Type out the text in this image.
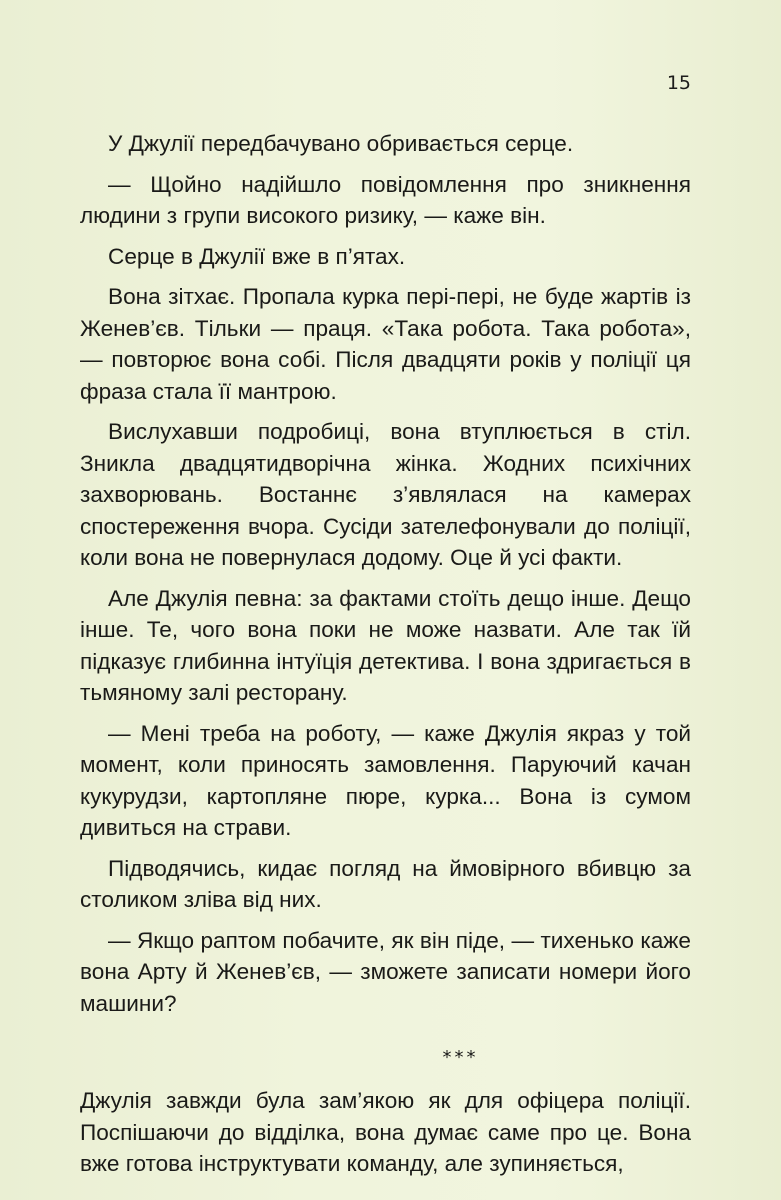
15

У Джулії передбачувано обривається серце.

— Щойно надійшло повідомлення про зникнення людини з групи високого ризику, — каже він.

Серце в Джулії вже в п’ятах.

Вона зітхає. Пропала курка пері-пері, не буде жартів із Женев’єв. Тільки — праця. «Така робота. Така робота», — повторює вона собі. Після двадцяти років у поліції ця фраза стала її мантрою.

Вислухавши подробиці, вона втуплюється в стіл. Зникла двадцятидворічна жінка. Жодних психічних захворювань. Востаннє з’являлася на камерах спостереження вчора. Сусіди зателефонували до поліції, коли вона не повернулася додому. Оце й усі факти.

Але Джулія певна: за фактами стоїть дещо інше. Дещо інше. Те, чого вона поки не може назвати. Але так їй підказує глибинна інтуїція детектива. І вона здригається в тьмяному залі ресторану.

— Мені треба на роботу, — каже Джулія якраз у той момент, коли приносять замовлення. Паруючий качан кукурудзи, картопляне пюре, курка... Вона із сумом дивиться на страви.

Підводячись, кидає погляд на ймовірного вбивцю за столиком зліва від них.

— Якщо раптом побачите, як він піде, — тихенько каже вона Арту й Женев’єв, — зможете записати номери його машини?

***

Джулія завжди була зам’якою як для офіцера поліції. Поспішаючи до відділка, вона думає саме про це. Вона вже готова інструктувати команду, але зупиняється,
